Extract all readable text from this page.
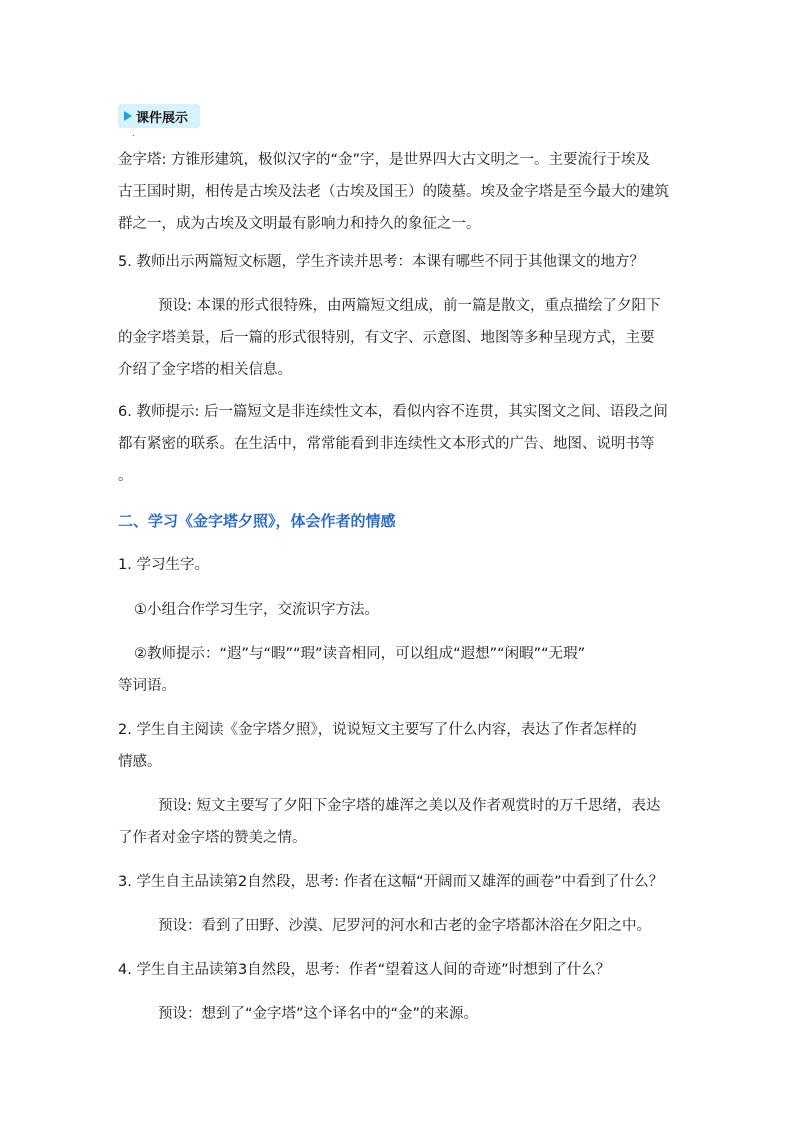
课件展示
.
金字塔: 方锥形建筑，极似汉字的“金”字，是世界四大古文明之一。主要流行于埃及
古王国时期，相传是古埃及法老（古埃及国王）的陵墓。埃及金字塔是至今最大的建筑
群之一，成为古埃及文明最有影响力和持久的象征之一。
5. 教师出示两篇短文标题，学生齐读并思考：本课有哪些不同于其他课文的地方？
预设: 本课的形式很特殊，由两篇短文组成，前一篇是散文，重点描绘了夕阳下
的金字塔美景，后一篇的形式很特别，有文字、示意图、地图等多种呈现方式，主要
介绍了金字塔的相关信息。
6. 教师提示: 后一篇短文是非连续性文本，看似内容不连贯，其实图文之间、语段之间
都有紧密的联系。在生活中，常常能看到非连续性文本形式的广告、地图、说明书等
。
二、学习《金字塔夕照》，体会作者的情感
1. 学习生字。
①小组合作学习生字，交流识字方法。
②教师提示：“遐”与“暇”“瑕”读音相同，可以组成“遐想”“闲暇”“无瑕”
等词语。
2. 学生自主阅读《金字塔夕照》，说说短文主要写了什么内容，表达了作者怎样的
情感。
预设: 短文主要写了夕阳下金字塔的雄浑之美以及作者观赏时的万千思绪，表达
了作者对金字塔的赞美之情。
3. 学生自主品读第2自然段，思考: 作者在这幅“开阔而又雄浑的画卷”中看到了什么？
预设：看到了田野、沙漠、尼罗河的河水和古老的金字塔都沐浴在夕阳之中。
4. 学生自主品读第3自然段，思考：作者“望着这人间的奇迹”时想到了什么？
预设：想到了“金字塔”这个译名中的“金”的来源。
